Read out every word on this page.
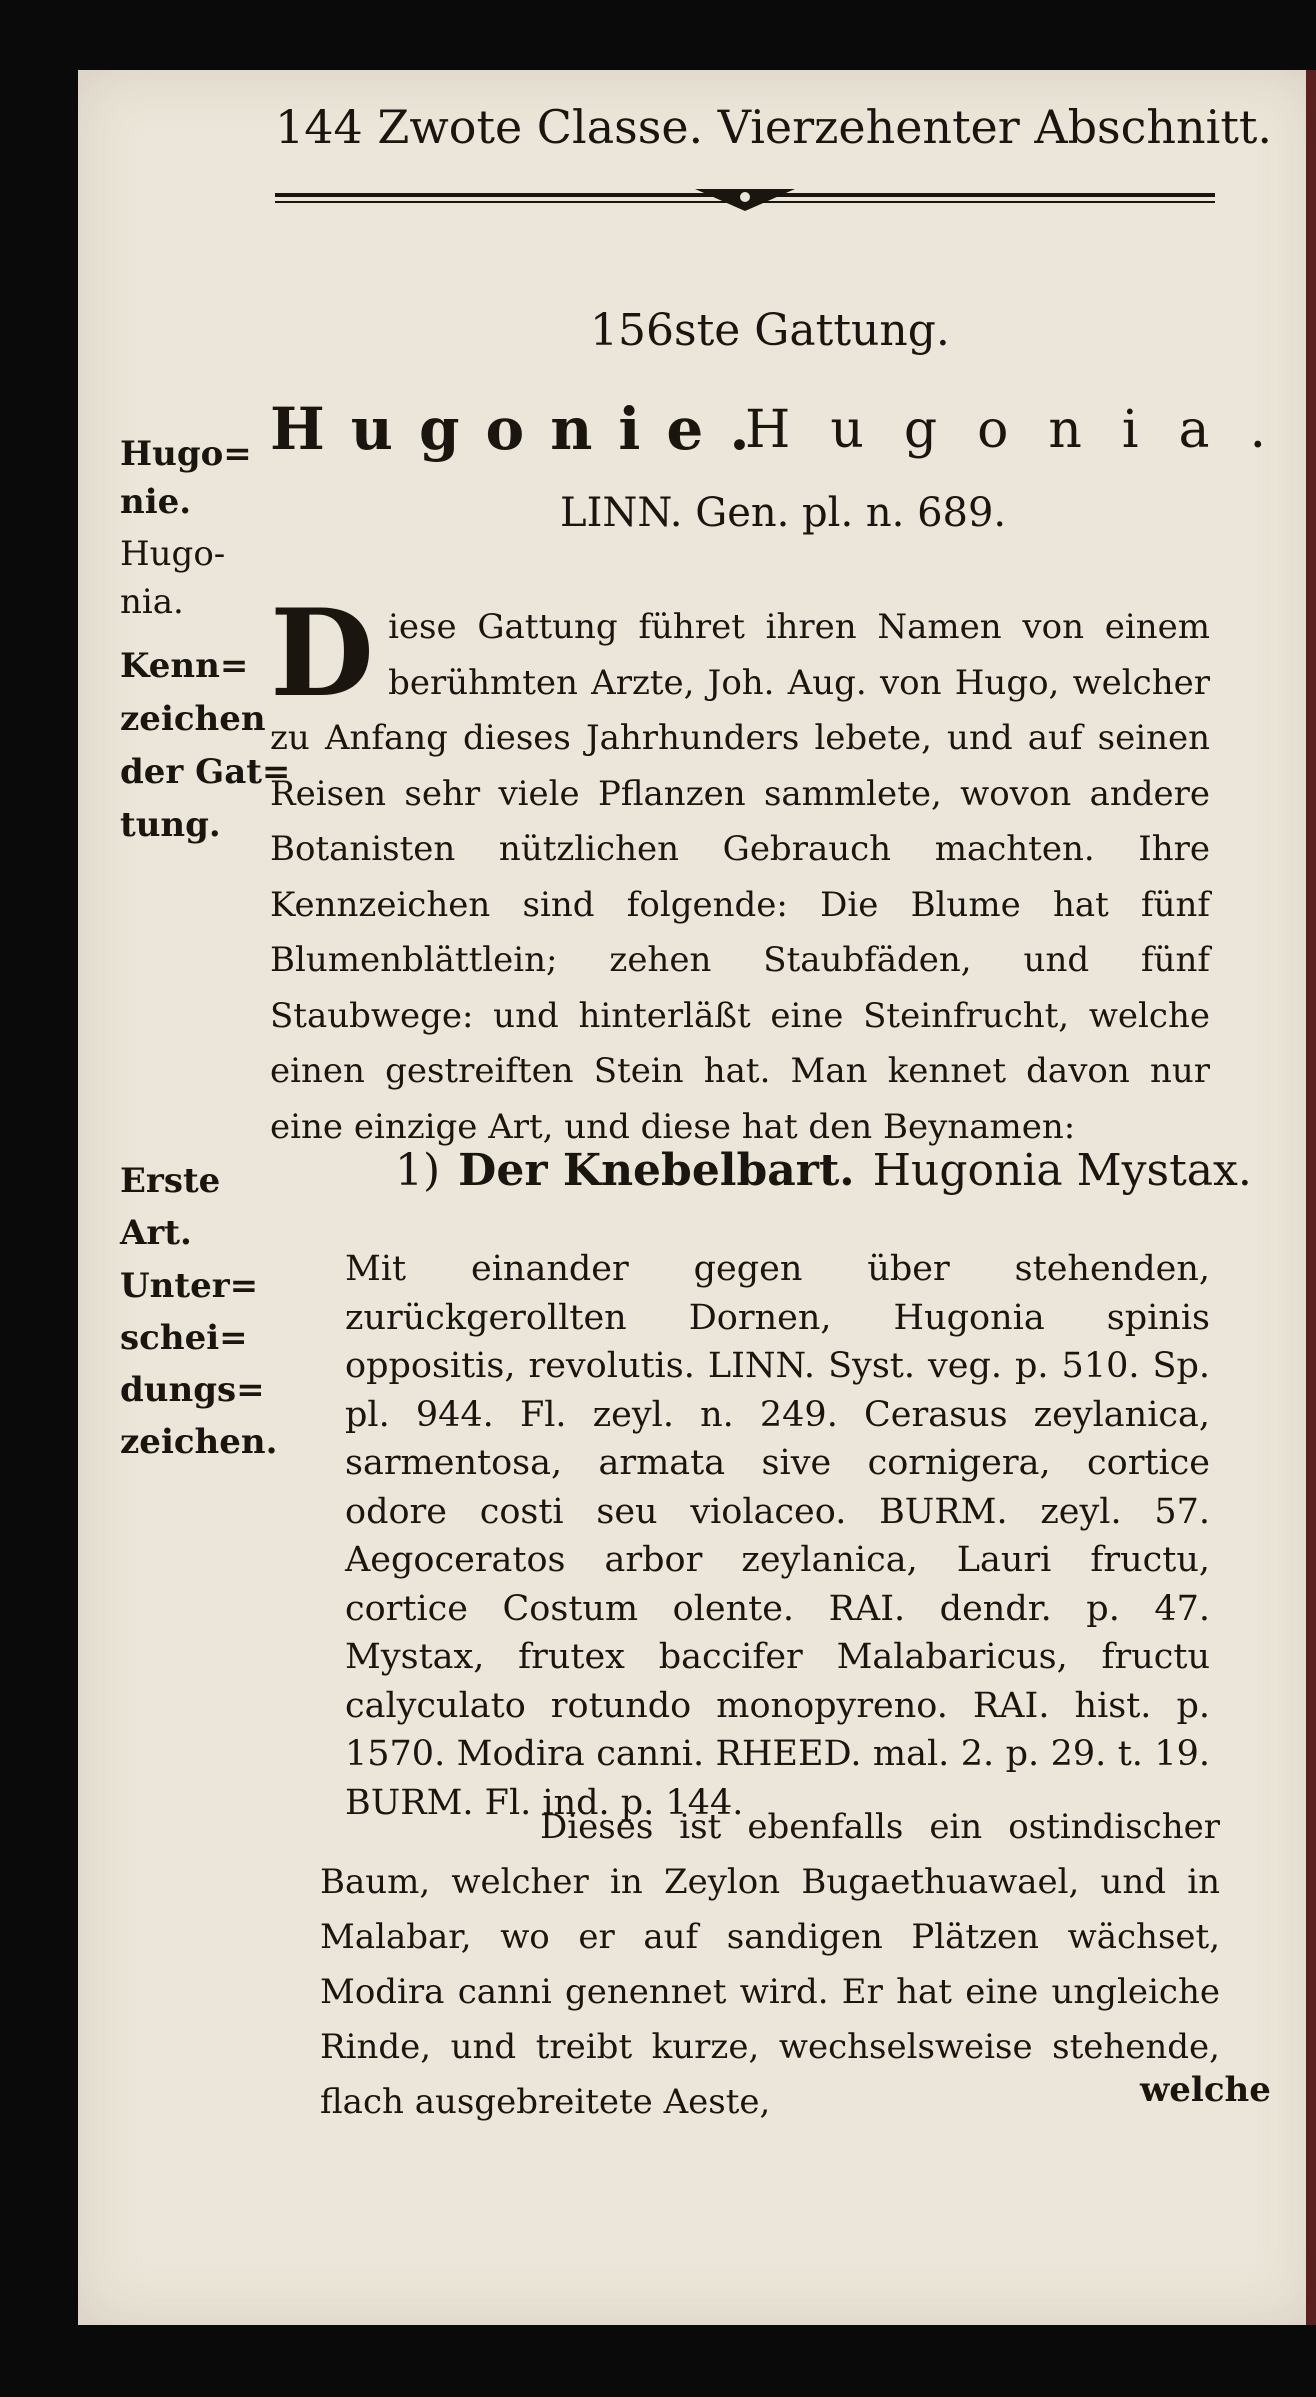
144 Zwote Classe. Vierzehenter Abschnitt.
156ste Gattung.
Hugo=
nie.
Hugo-
nia.
Kenn=
zeichen
der Gat=
tung.
Erste
Art.
Unter=
schei=
dungs=
zeichen.
Hugonie.
Hugonia.
LINN. Gen. pl. n. 689.

Diese Gattung führet ihren Namen von einem berühmten Arzte, Joh. Aug. von Hugo, welcher zu Anfang dieses Jahrhunders lebete, und auf seinen Reisen sehr viele Pflanzen sammlete, wovon andere Botanisten nützlichen Gebrauch machten. Ihre Kennzeichen sind folgende: Die Blume hat fünf Blumenblättlein; zehen Staubfäden, und fünf Staubwege: und hinterläßt eine Steinfrucht, welche einen gestreiften Stein hat. Man kennet davon nur eine einzige Art, und diese hat den Beynamen:

1) Der Knebelbart. Hugonia Mystax.
Mit einander gegen über stehenden, zurückgerollten Dornen, Hugonia spinis oppositis, revolutis. LINN. Syst. veg. p. 510. Sp. pl. 944. Fl. zeyl. n. 249. Cerasus zeylanica, sarmentosa, armata sive cornigera, cortice odore costi seu violaceo. BURM. zeyl. 57. Aegoceratos arbor zeylanica, Lauri fructu, cortice Costum olente. RAI. dendr. p. 47. Mystax, frutex baccifer Malabaricus, fructu calyculato rotundo monopyreno. RAI. hist. p. 1570. Modira canni. RHEED. mal. 2. p. 29. t. 19. BURM. Fl. ind. p. 144.
Dieses ist ebenfalls ein ostindischer Baum, welcher in Zeylon Bugaethuawael, und in Malabar, wo er auf sandigen Plätzen wächset, Modira canni genennet wird. Er hat eine ungleiche Rinde, und treibt kurze, wechselsweise stehende, flach ausgebreitete Aeste,	welche
